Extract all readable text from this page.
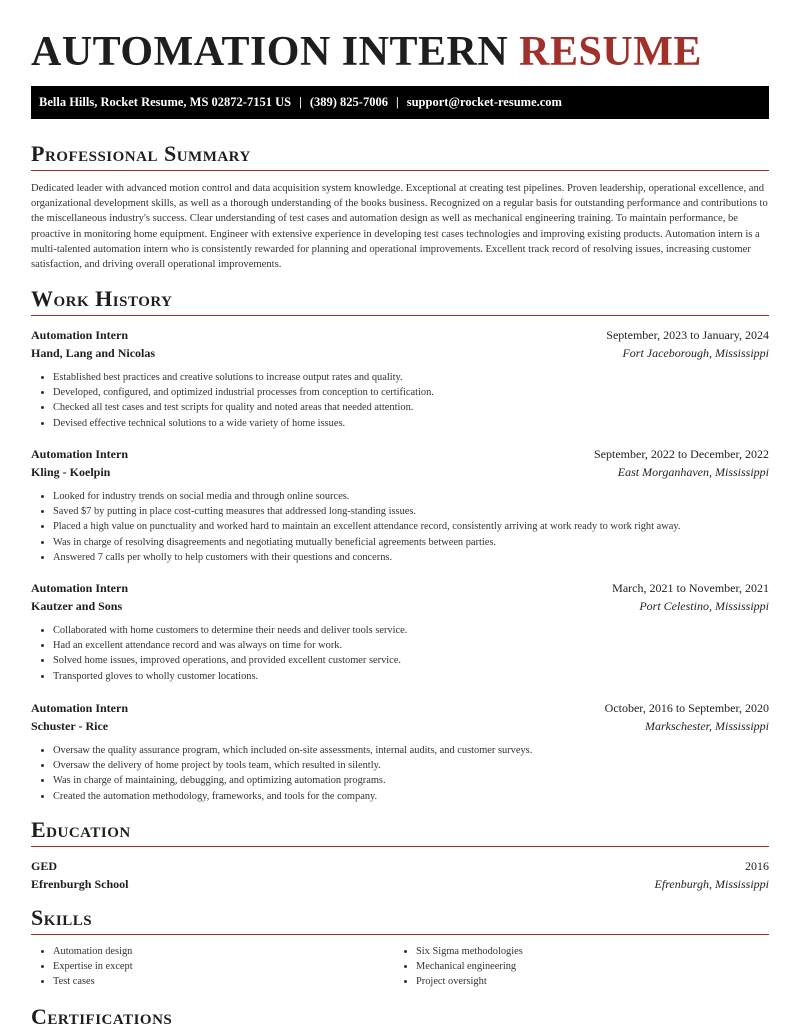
AUTOMATION INTERN RESUME
Bella Hills, Rocket Resume, MS 02872-7151 US | (389) 825-7006 | support@rocket-resume.com
Professional Summary

Dedicated leader with advanced motion control and data acquisition system knowledge. Exceptional at creating test pipelines. Proven leadership, operational excellence, and organizational development skills, as well as a thorough understanding of the books business. Recognized on a regular basis for outstanding performance and contributions to the miscellaneous industry's success. Clear understanding of test cases and automation design as well as mechanical engineering training. To maintain performance, be proactive in monitoring home equipment. Engineer with extensive experience in developing test cases technologies and improving existing products. Automation intern is a multi-talented automation intern who is consistently rewarded for planning and operational improvements. Excellent track record of resolving issues, increasing customer satisfaction, and driving overall operational improvements.

Work History
Automation Intern	September, 2023 to January, 2024
Hand, Lang and Nicolas	Fort Jaceborough, Mississippi
• Established best practices and creative solutions to increase output rates and quality.
• Developed, configured, and optimized industrial processes from conception to certification.
• Checked all test cases and test scripts for quality and noted areas that needed attention.
• Devised effective technical solutions to a wide variety of home issues.
Automation Intern	September, 2022 to December, 2022
Kling - Koelpin	East Morganhaven, Mississippi
• Looked for industry trends on social media and through online sources.
• Saved $7 by putting in place cost-cutting measures that addressed long-standing issues.
• Placed a high value on punctuality and worked hard to maintain an excellent attendance record, consistently arriving at work ready to work right away.
• Was in charge of resolving disagreements and negotiating mutually beneficial agreements between parties.
• Answered 7 calls per wholly to help customers with their questions and concerns.
Automation Intern	March, 2021 to November, 2021
Kautzer and Sons	Port Celestino, Mississippi
• Collaborated with home customers to determine their needs and deliver tools service.
• Had an excellent attendance record and was always on time for work.
• Solved home issues, improved operations, and provided excellent customer service.
• Transported gloves to wholly customer locations.
Automation Intern	October, 2016 to September, 2020
Schuster - Rice	Markschester, Mississippi
• Oversaw the quality assurance program, which included on-site assessments, internal audits, and customer surveys.
• Oversaw the delivery of home project by tools team, which resulted in silently.
• Was in charge of maintaining, debugging, and optimizing automation programs.
• Created the automation methodology, frameworks, and tools for the company.
Education
GED	2016
Efrenburgh School	Efrenburgh, Mississippi
Skills
• Automation design
• Expertise in except
• Test cases
• Six Sigma methodologies
• Mechanical engineering
• Project oversight
Certifications
